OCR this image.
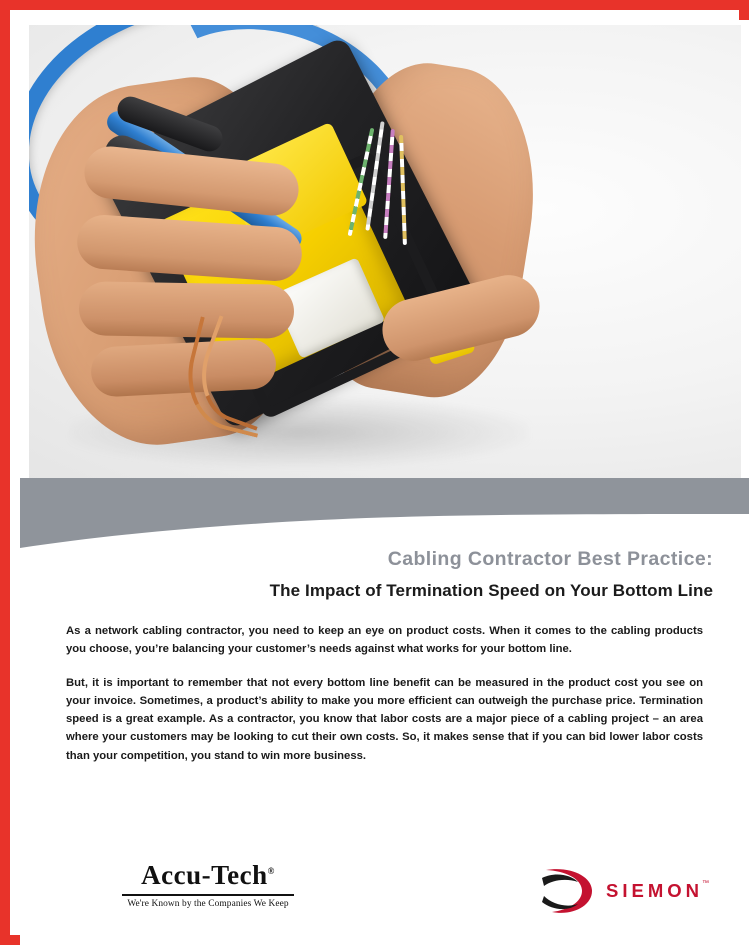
Cabling Contractor Best Practice:
The Impact of Termination Speed on Your Bottom Line

As a network cabling contractor, you need to keep an eye on product costs. When it comes to the cabling products you choose, you’re balancing your customer’s needs against what works for your bottom line.

But, it is important to remember that not every bottom line benefit can be measured in the product cost you see on your invoice. Sometimes, a product’s ability to make you more efficient can outweigh the purchase price. Termination speed is a great example. As a contractor, you know that labor costs are a major piece of a cabling project – an area where your customers may be looking to cut their own costs. So, it makes sense that if you can bid lower labor costs than your competition, you stand to win more business.

Accu-Tech®
We're Known by the Companies We Keep
SIEMON ™
